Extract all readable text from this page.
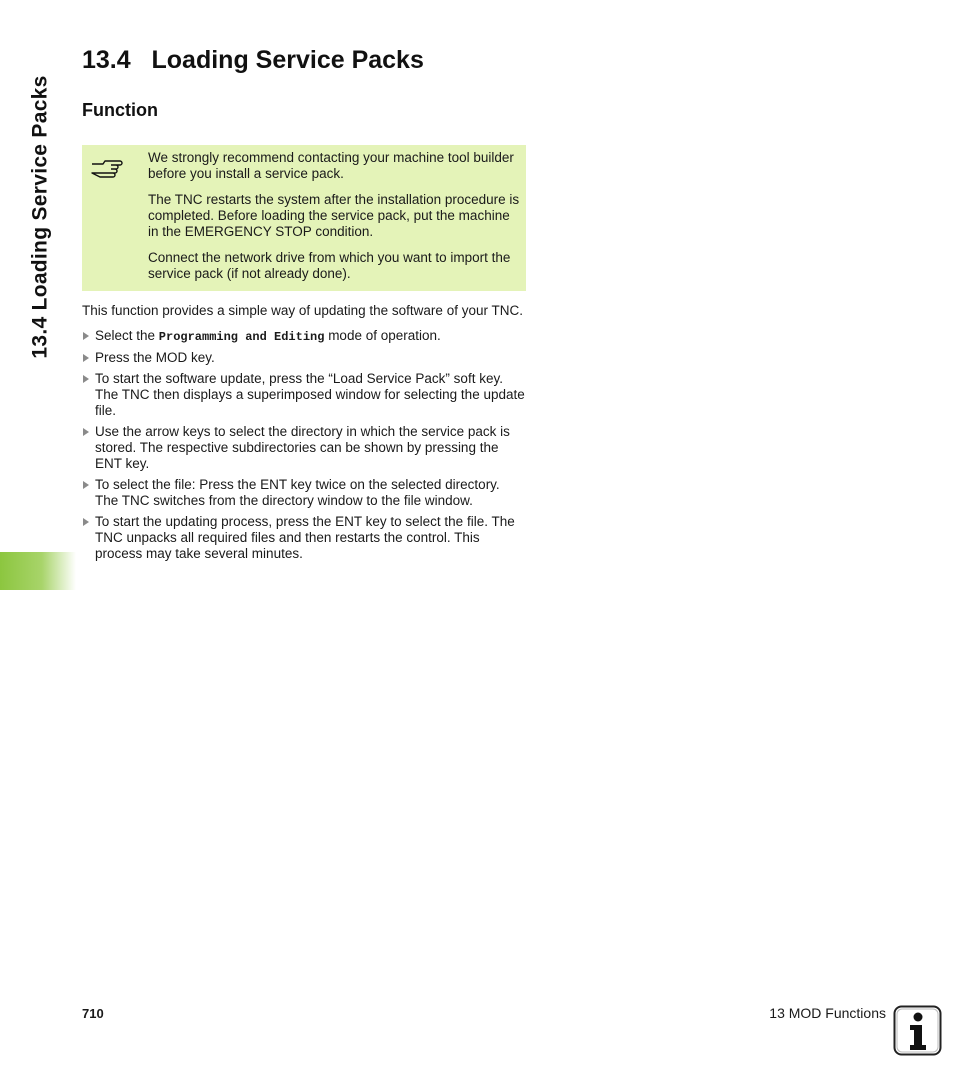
13.4 Loading Service Packs
13.4 Loading Service Packs
Function

We strongly recommend contacting your machine tool builder before you install a service pack.

The TNC restarts the system after the installation procedure is completed. Before loading the service pack, put the machine in the EMERGENCY STOP condition.

Connect the network drive from which you want to import the service pack (if not already done).

This function provides a simple way of updating the software of your TNC.

Select the Programming and Editing mode of operation.
Press the MOD key.
To start the software update, press the “Load Service Pack” soft key. The TNC then displays a superimposed window for selecting the update file.
Use the arrow keys to select the directory in which the service pack is stored. The respective subdirectories can be shown by pressing the ENT key.
To select the file: Press the ENT key twice on the selected directory. The TNC switches from the directory window to the file window.
To start the updating process, press the ENT key to select the file. The TNC unpacks all required files and then restarts the control. This process may take several minutes.
710	13 MOD Functions
